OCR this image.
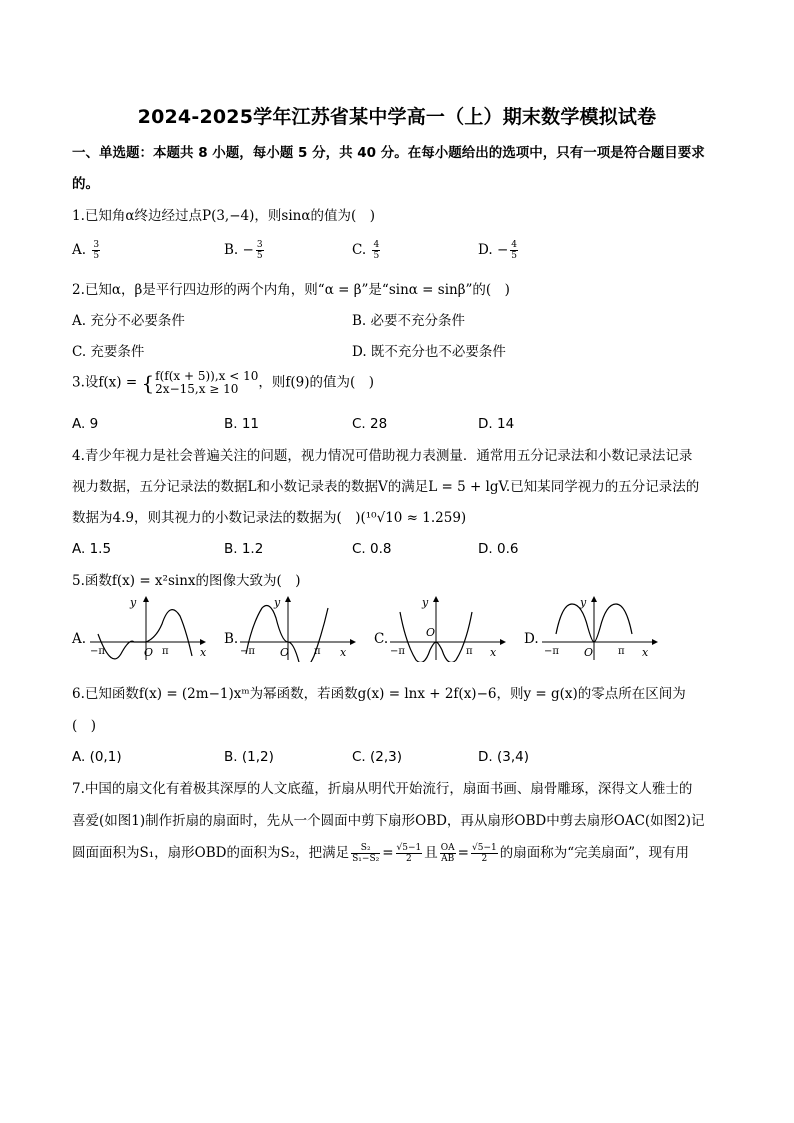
2024-2025学年江苏省某中学高一（上）期末数学模拟试卷
一、单选题：本题共 8 小题，每小题 5 分，共 40 分。在每小题给出的选项中，只有一项是符合题目要求
的。
1.已知角α终边经过点P(3,−4)，则sinα的值为(　)
A. $\frac{3}{5}$	B. − $\frac{3}{5}$	C. $\frac{4}{5}$	D. − $\frac{4}{5}$
2.已知α，β是平行四边形的两个内角，则“α = β”是“sinα = sinβ”的(　)
A. 充分不必要条件	B. 必要不充分条件
C. 充要条件	D. 既不充分也不必要条件
3.设f(x) = { f(f(x + 5)),x < 10
2x−15,x ≥ 10	，则f(9)的值为(　)
A. 9	B. 11	C. 28	D. 14
4.青少年视力是社会普遍关注的问题，视力情况可借助视力表测量．通常用五分记录法和小数记录法记录
视力数据，五分记录法的数据L和小数记录表的数据V的满足L = 5 + lgV.已知某同学视力的五分记录法的
数据为4.9，则其视力的小数记录法的数据为(　)(¹⁰√10 ≈ 1.259)
A. 1.5	B. 1.2	C. 0.8	D. 0.6
5.函数f(x) = x²sinx的图像大致为(　)
A.	B.	C.	D.
y
x
O
−π	π
y
x
O
−π	π
y
x
O
−π	π
y
x
O
−π	π
6.已知函数f(x) = (2m−1)xᵐ为幂函数，若函数g(x) = lnx + 2f(x)−6，则y = g(x)的零点所在区间为
(　)
A. (0,1)	B. (1,2)	C. (2,3)	D. (3,4)
7.中国的扇文化有着极其深厚的人文底蕴，折扇从明代开始流行，扇面书画、扇骨雕琢，深得文人雅士的
喜爱(如图1)制作折扇的扇面时，先从一个圆面中剪下扇形OBD，再从扇形OBD中剪去扇形OAC(如图2)记
圆面面积为S₁，扇形OBD的面积为S₂，把满足 $\frac{\text{S₂}}{\text{S₁−S₂}} = \frac{√5-1}{2}$ 且 $\frac{OA}{AB} = \frac{√5-1}{2}$ 的扇面称为“完美扇面”，现有用
